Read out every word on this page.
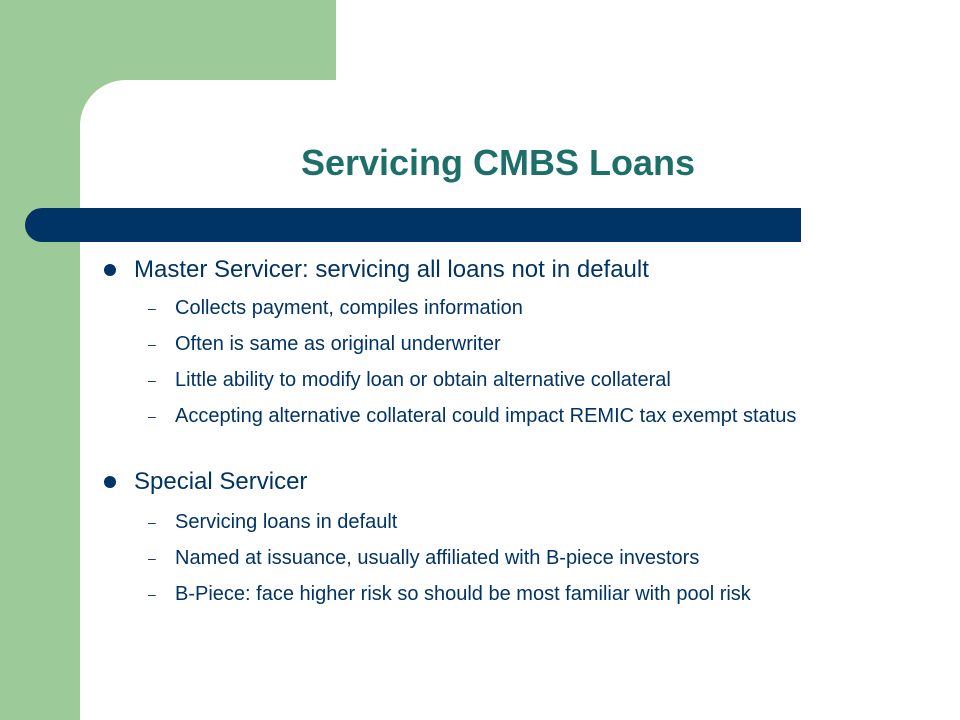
Servicing CMBS Loans
Master Servicer: servicing all loans not in default
– Collects payment, compiles information
– Often is same as original underwriter
– Little ability to modify loan or obtain alternative collateral
– Accepting alternative collateral could impact REMIC tax exempt status
Special Servicer
– Servicing loans in default
– Named at issuance, usually affiliated with B-piece investors
– B-Piece: face higher risk so should be most familiar with pool risk
